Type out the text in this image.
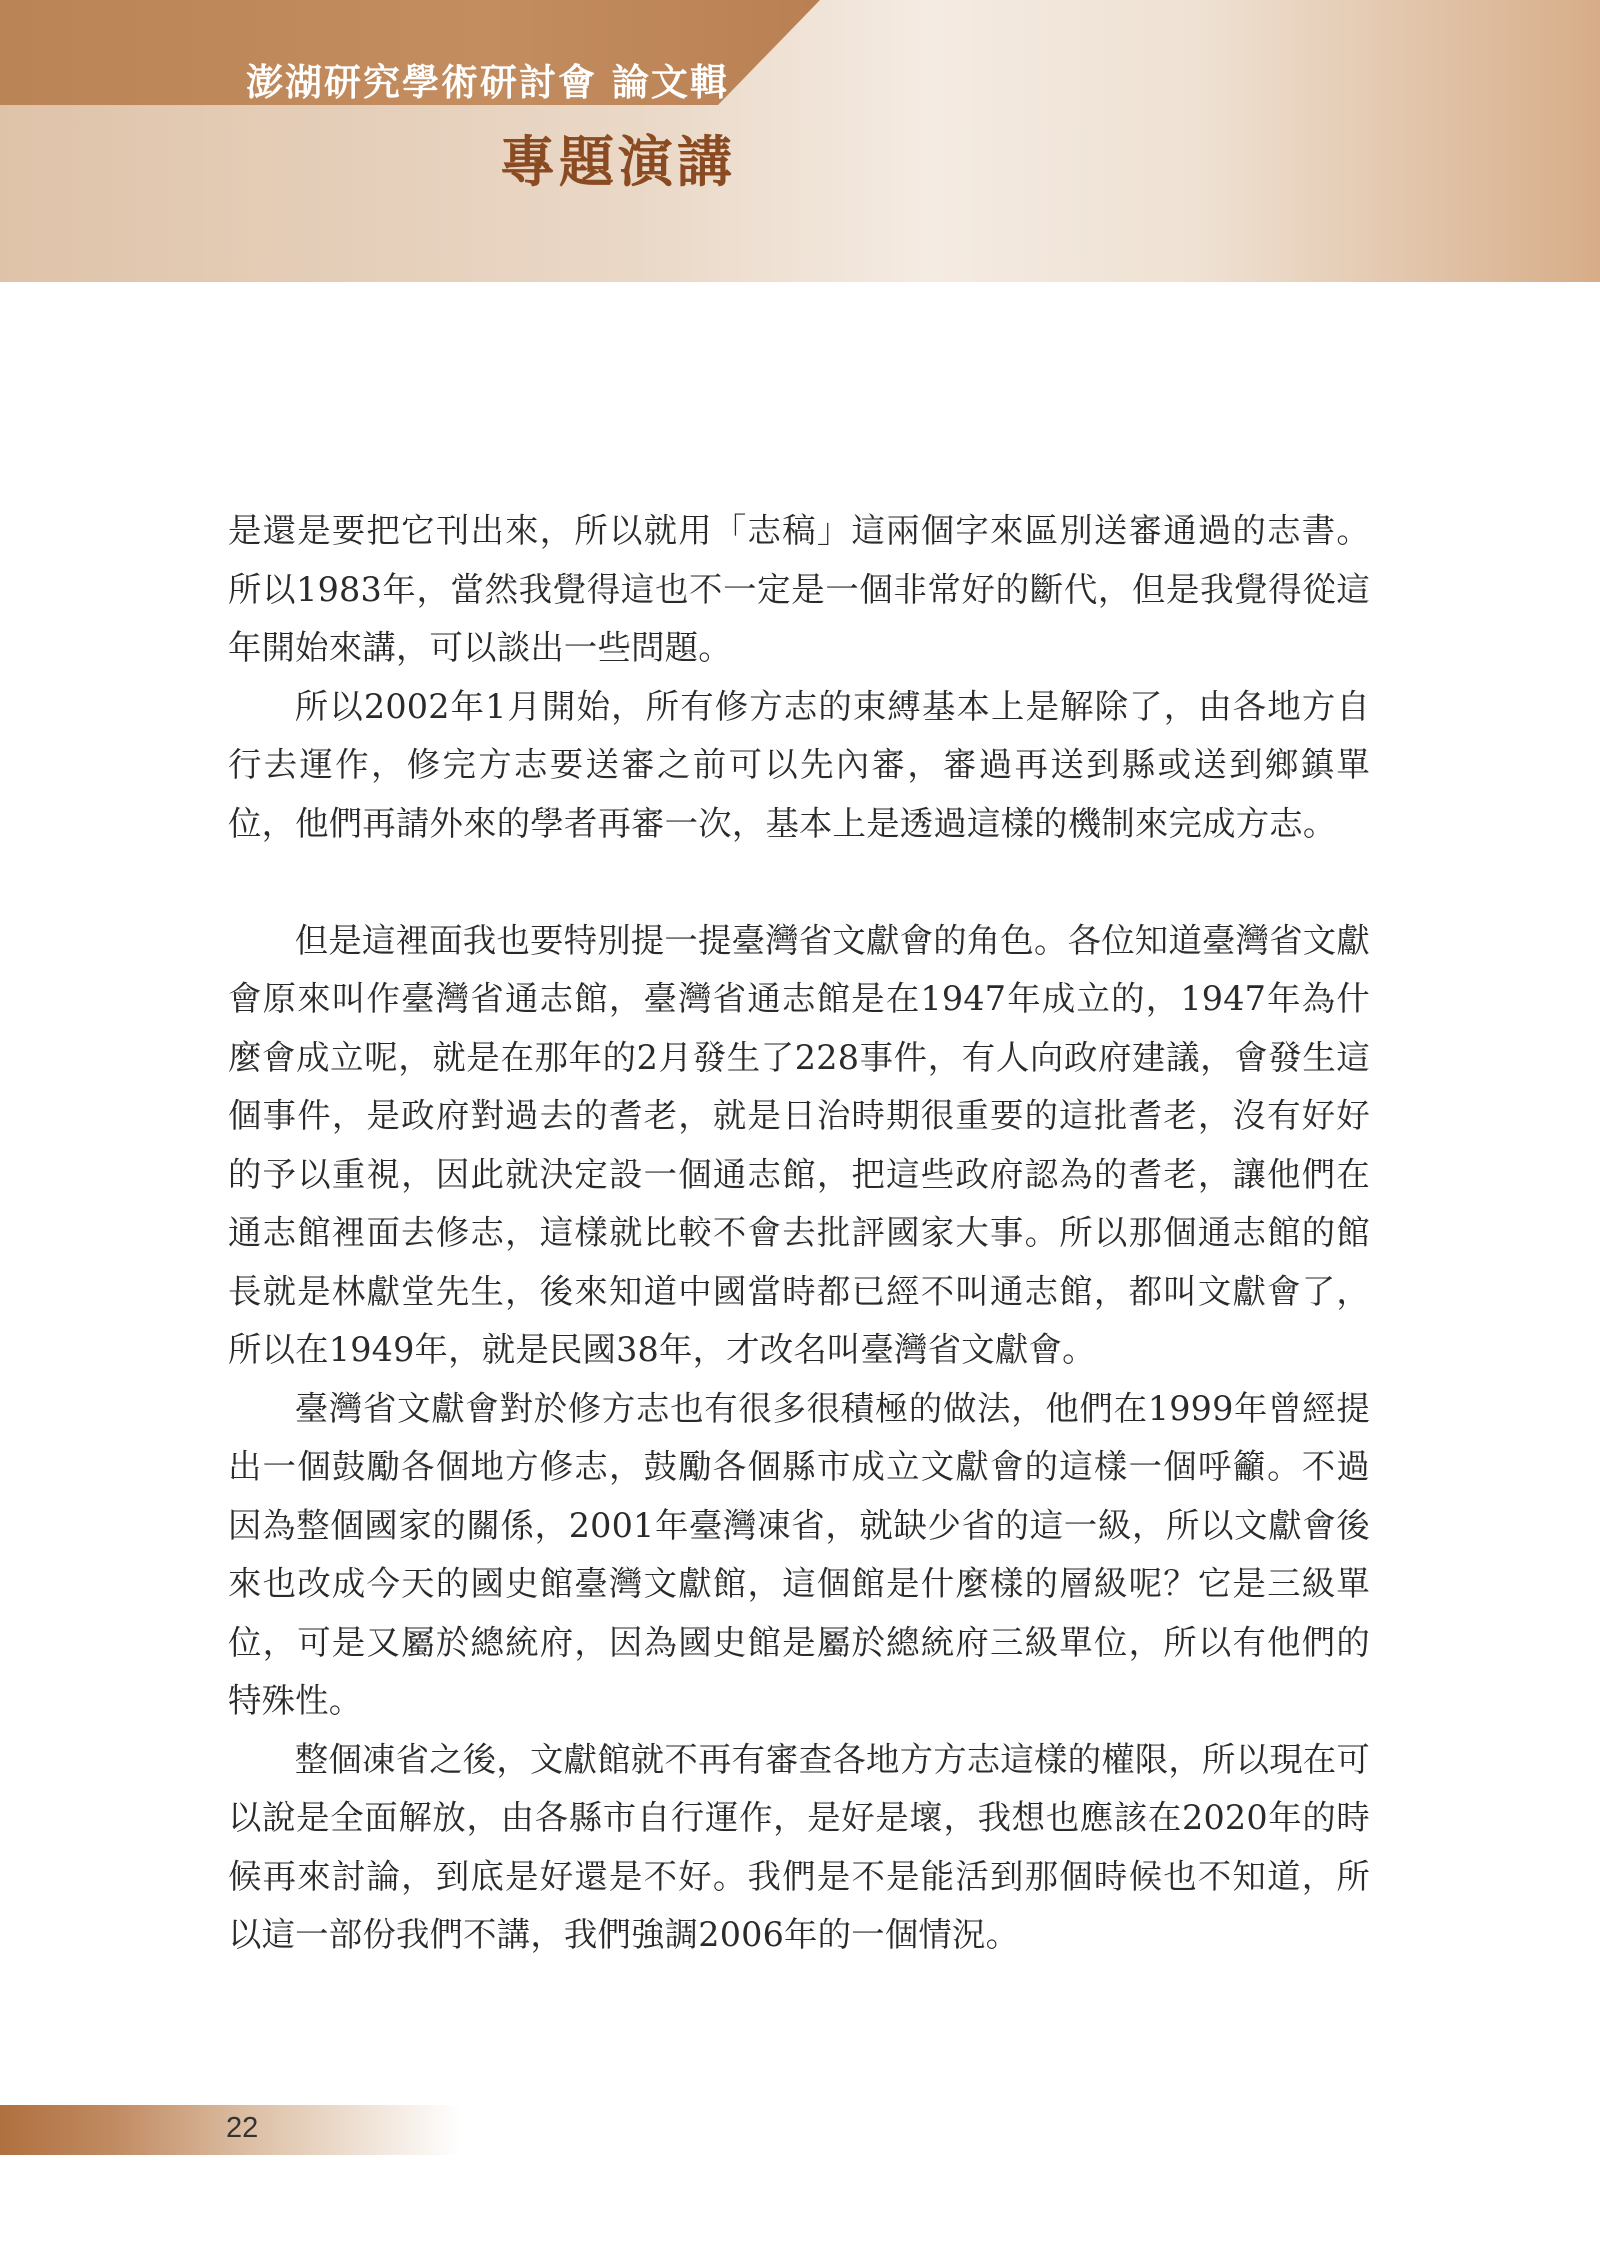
澎湖研究學術研討會 論文輯
專題演講

是還是要把它刊出來，所以就用「志稿」這兩個字來區別送審通過的志書。所以1983年，當然我覺得這也不一定是一個非常好的斷代，但是我覺得從這年開始來講，可以談出一些問題。

所以2002年1月開始，所有修方志的束縛基本上是解除了，由各地方自行去運作，修完方志要送審之前可以先內審，審過再送到縣或送到鄉鎮單位，他們再請外來的學者再審一次，基本上是透過這樣的機制來完成方志。

但是這裡面我也要特別提一提臺灣省文獻會的角色。各位知道臺灣省文獻會原來叫作臺灣省通志館，臺灣省通志館是在1947年成立的，1947年為什麼會成立呢，就是在那年的2月發生了228事件，有人向政府建議，會發生這個事件，是政府對過去的耆老，就是日治時期很重要的這批耆老，沒有好好的予以重視，因此就決定設一個通志館，把這些政府認為的耆老，讓他們在通志館裡面去修志，這樣就比較不會去批評國家大事。所以那個通志館的館長就是林獻堂先生，後來知道中國當時都已經不叫通志館，都叫文獻會了，所以在1949年，就是民國38年，才改名叫臺灣省文獻會。

臺灣省文獻會對於修方志也有很多很積極的做法，他們在1999年曾經提出一個鼓勵各個地方修志，鼓勵各個縣市成立文獻會的這樣一個呼籲。不過因為整個國家的關係，2001年臺灣凍省，就缺少省的這一級，所以文獻會後來也改成今天的國史館臺灣文獻館，這個館是什麼樣的層級呢？它是三級單位，可是又屬於總統府，因為國史館是屬於總統府三級單位，所以有他們的特殊性。

整個凍省之後，文獻館就不再有審查各地方方志這樣的權限，所以現在可以說是全面解放，由各縣市自行運作，是好是壞，我想也應該在2020年的時候再來討論，到底是好還是不好。我們是不是能活到那個時候也不知道，所以這一部份我們不講，我們強調2006年的一個情況。

22
